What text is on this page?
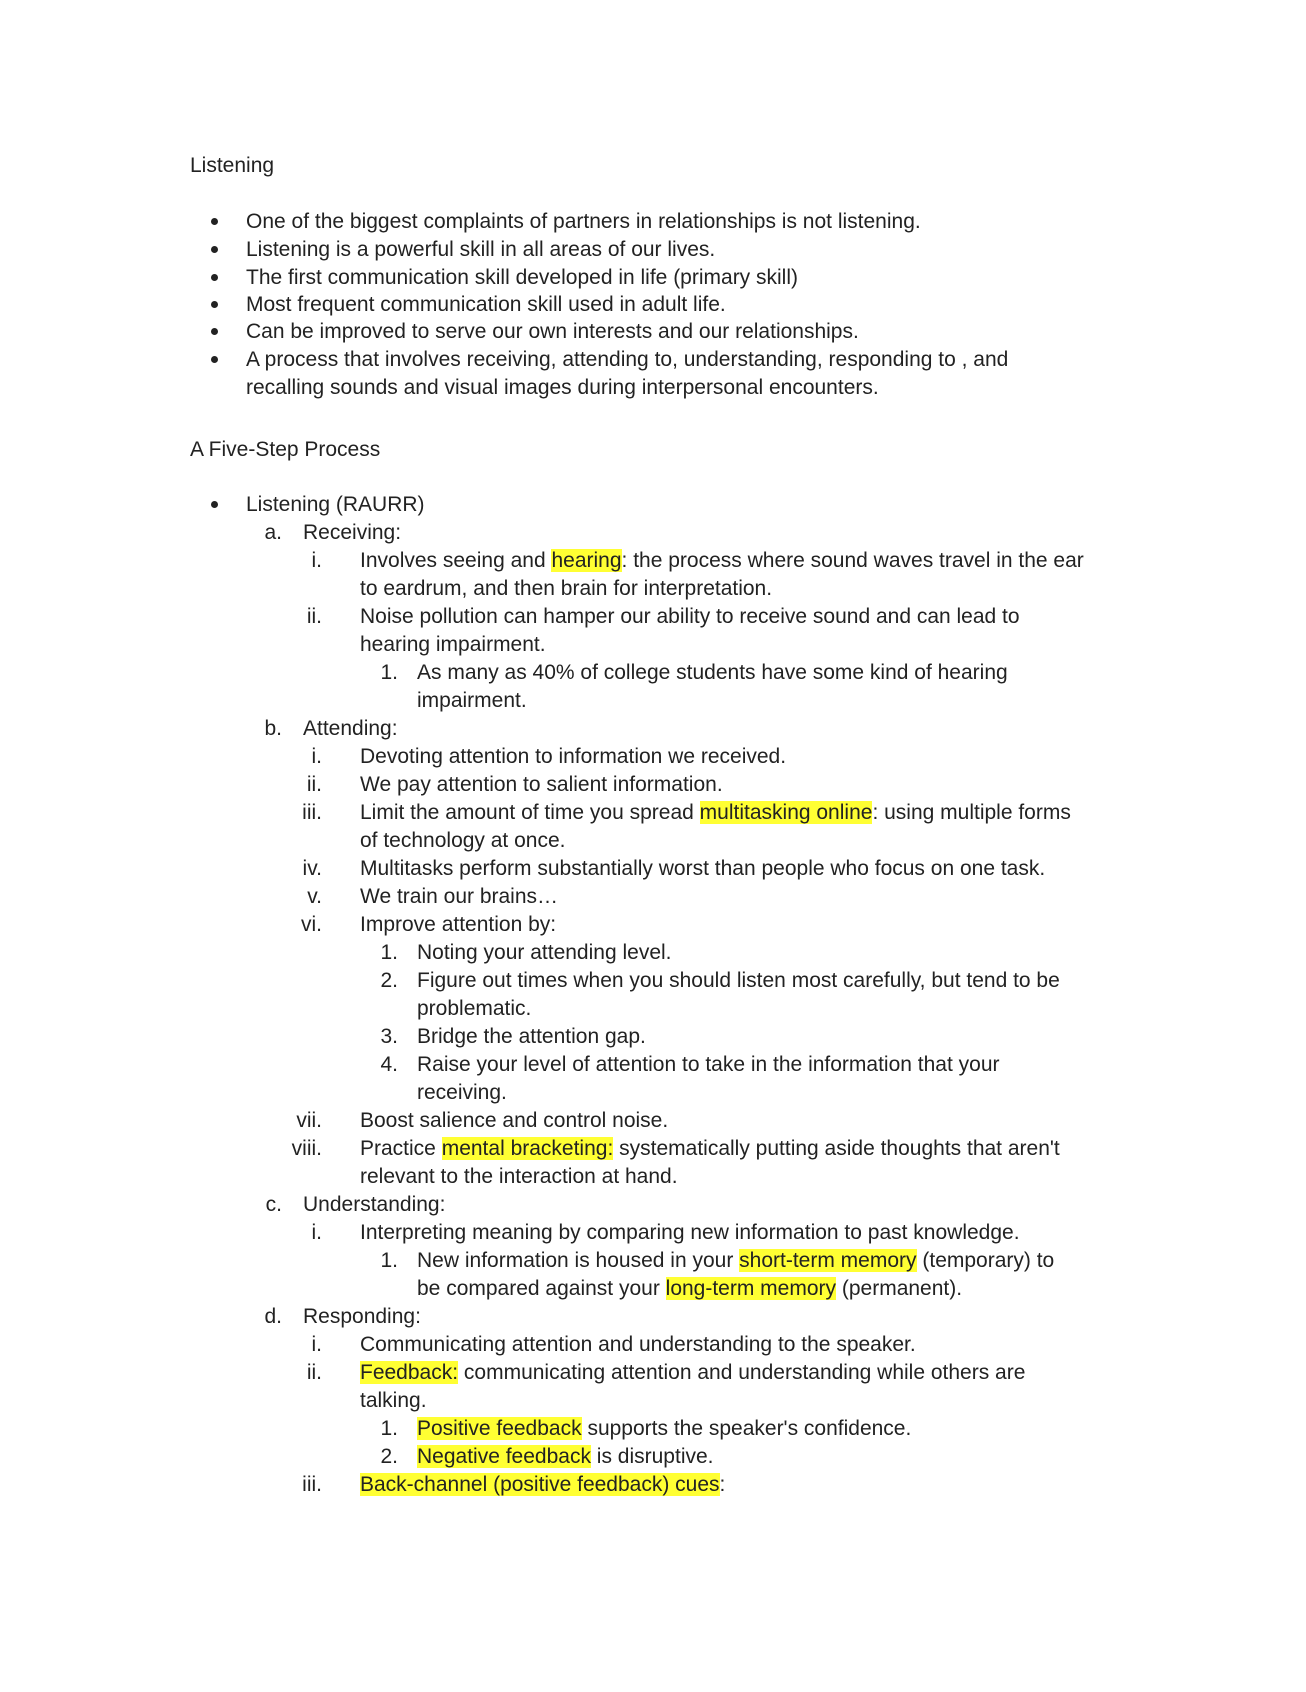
Listening
One of the biggest complaints of partners in relationships is not listening.
Listening is a powerful skill in all areas of our lives.
The first communication skill developed in life (primary skill)
Most frequent communication skill used in adult life.
Can be improved to serve our own interests and our relationships.
A process that involves receiving, attending to, understanding, responding to , and
recalling sounds and visual images during interpersonal encounters.
A Five-Step Process
Listening (RAURR)
a. Receiving:
i. Involves seeing and hearing: the process where sound waves travel in the ear
to eardrum, and then brain for interpretation.
ii. Noise pollution can hamper our ability to receive sound and can lead to
hearing impairment.
1. As many as 40% of college students have some kind of hearing
impairment.
b. Attending:
i. Devoting attention to information we received.
ii. We pay attention to salient information.
iii. Limit the amount of time you spread multitasking online: using multiple forms
of technology at once.
iv. Multitasks perform substantially worst than people who focus on one task.
v. We train our brains…
vi. Improve attention by:
1. Noting your attending level.
2. Figure out times when you should listen most carefully, but tend to be
problematic.
3. Bridge the attention gap.
4. Raise your level of attention to take in the information that your
receiving.
vii. Boost salience and control noise.
viii. Practice mental bracketing: systematically putting aside thoughts that aren't
relevant to the interaction at hand.
c. Understanding:
i. Interpreting meaning by comparing new information to past knowledge.
1. New information is housed in your short-term memory (temporary) to
be compared against your long-term memory (permanent).
d. Responding:
i. Communicating attention and understanding to the speaker.
ii. Feedback: communicating attention and understanding while others are
talking.
1. Positive feedback supports the speaker's confidence.
2. Negative feedback is disruptive.
iii. Back-channel (positive feedback) cues:
